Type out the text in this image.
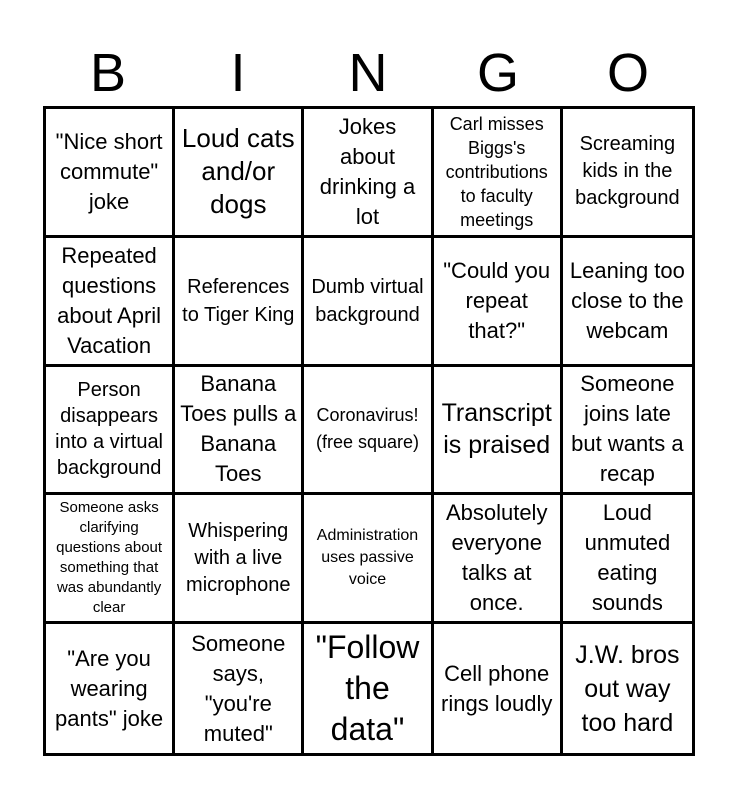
B	I	N	G	O
"Nice short commute" joke
Loud cats and/or dogs
Jokes about drinking a lot
Carl misses Biggs's contributions to faculty meetings
Screaming kids in the background
Repeated questions about April Vacation
References to Tiger King
Dumb virtual background
"Could you repeat that?"
Leaning too close to the webcam
Person disappears into a virtual background
Banana Toes pulls a Banana Toes
Coronavirus! (free square)
Transcript is praised
Someone joins late but wants a recap
Someone asks clarifying questions about something that was abundantly clear
Whispering with a live microphone
Administration uses passive voice
Absolutely everyone talks at once.
Loud unmuted eating sounds
"Are you wearing pants" joke
Someone says, "you're muted"
"Follow the data"
Cell phone rings loudly
J.W. bros out way too hard
